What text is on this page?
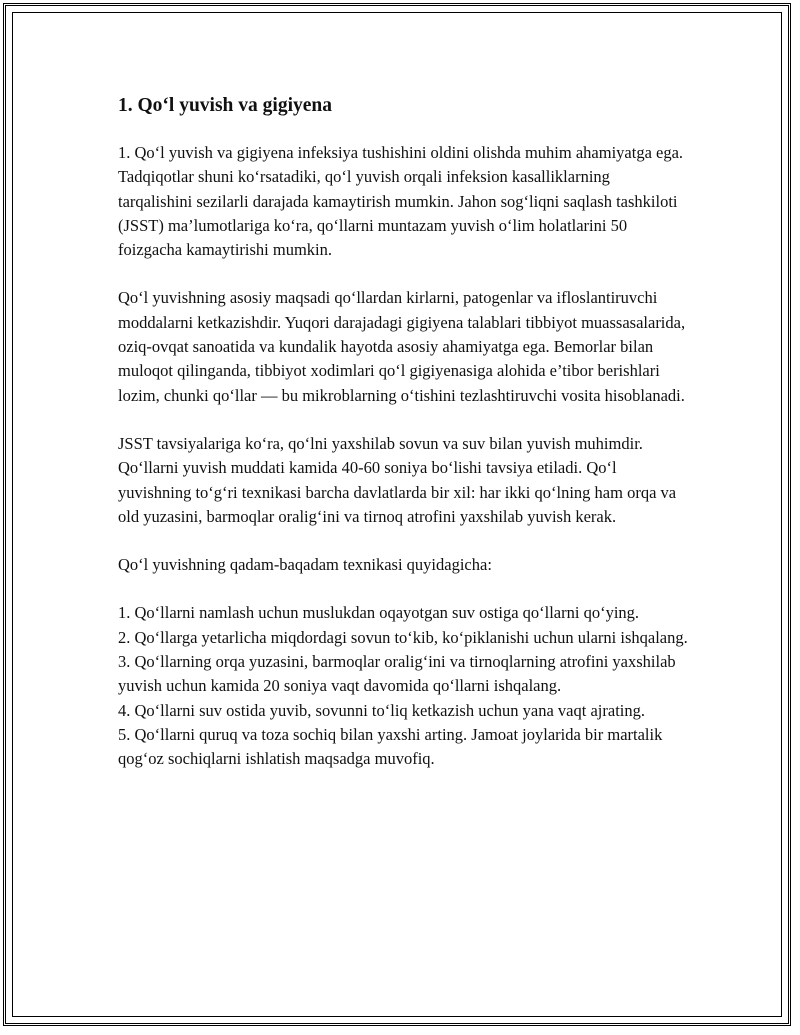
1. Qo‘l yuvish va gigiyena

1. Qo‘l yuvish va gigiyena infeksiya tushishini oldini olishda muhim ahamiyatga ega. Tadqiqotlar shuni ko‘rsatadiki, qo‘l yuvish orqali infeksion kasalliklarning tarqalishini sezilarli darajada kamaytirish mumkin. Jahon sog‘liqni saqlash tashkiloti (JSST) ma’lumotlariga ko‘ra, qo‘llarni muntazam yuvish o‘lim holatlarini 50 foizgacha kamaytirishi mumkin.

Qo‘l yuvishning asosiy maqsadi qo‘llardan kirlarni, patogenlar va ifloslantiruvchi moddalarni ketkazishdir. Yuqori darajadagi gigiyena talablari tibbiyot muassasalarida, oziq-ovqat sanoatida va kundalik hayotda asosiy ahamiyatga ega. Bemorlar bilan muloqot qilinganda, tibbiyot xodimlari qo‘l gigiyenasiga alohida e’tibor berishlari lozim, chunki qo‘llar — bu mikroblarning o‘tishini tezlashtiruvchi vosita hisoblanadi.

JSST tavsiyalariga ko‘ra, qo‘lni yaxshilab sovun va suv bilan yuvish muhimdir. Qo‘llarni yuvish muddati kamida 40-60 soniya bo‘lishi tavsiya etiladi. Qo‘l yuvishning to‘g‘ri texnikasi barcha davlatlarda bir xil: har ikki qo‘lning ham orqa va old yuzasini, barmoqlar oralig‘ini va tirnoq atrofini yaxshilab yuvish kerak.

Qo‘l yuvishning qadam-baqadam texnikasi quyidagicha:

1. Qo‘llarni namlash uchun muslukdan oqayotgan suv ostiga qo‘llarni qo‘ying.
2. Qo‘llarga yetarlicha miqdordagi sovun to‘kib, ko‘piklanishi uchun ularni ishqalang.
3. Qo‘llarning orqa yuzasini, barmoqlar oralig‘ini va tirnoqlarning atrofini yaxshilab yuvish uchun kamida 20 soniya vaqt davomida qo‘llarni ishqalang.
4. Qo‘llarni suv ostida yuvib, sovunni to‘liq ketkazish uchun yana vaqt ajrating.
5. Qo‘llarni quruq va toza sochiq bilan yaxshi arting. Jamoat joylarida bir martalik qog‘oz sochiqlarni ishlatish maqsadga muvofiq.
